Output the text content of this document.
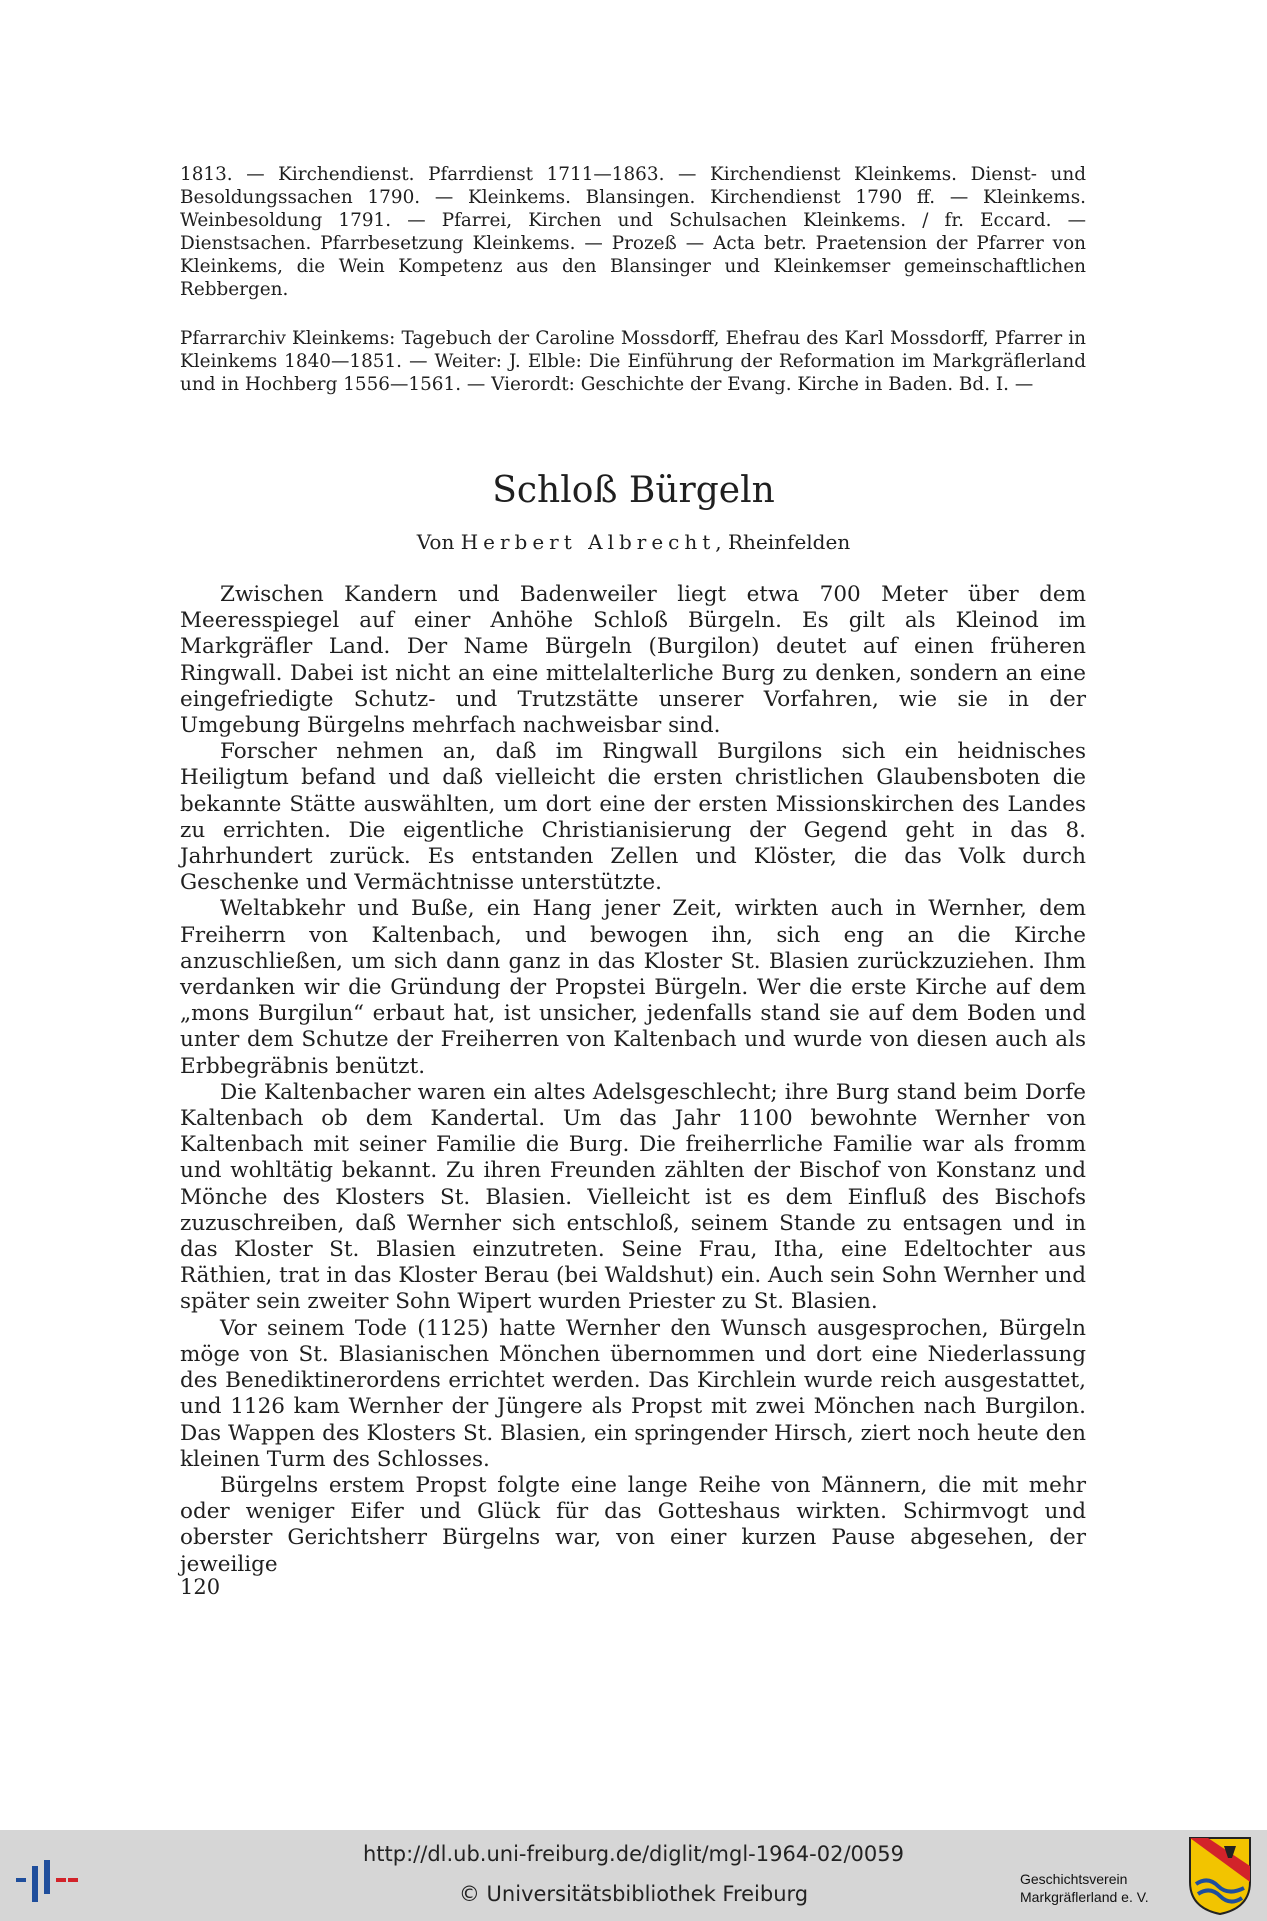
1813. — Kirchendienst. Pfarrdienst 1711—1863. — Kirchendienst Kleinkems. Dienst- und Besoldungssachen 1790. — Kleinkems. Blansingen. Kirchendienst 1790 ff. — Kleinkems. Weinbesoldung 1791. — Pfarrei, Kirchen und Schulsachen Kleinkems. / fr. Eccard. — Dienstsachen. Pfarrbesetzung Kleinkems. — Prozeß — Acta betr. Praetension der Pfarrer von Kleinkems, die Wein Kompetenz aus den Blansinger und Kleinkemser gemeinschaftlichen Rebbergen.

Pfarrarchiv Kleinkems: Tagebuch der Caroline Mossdorff, Ehefrau des Karl Mossdorff, Pfarrer in Kleinkems 1840—1851. — Weiter: J. Elble: Die Einführung der Reformation im Markgräflerland und in Hochberg 1556—1561. — Vierordt: Geschichte der Evang. Kirche in Baden. Bd. I. —

Schloß Bürgeln
Von Herbert Albrecht, Rheinfelden

Zwischen Kandern und Badenweiler liegt etwa 700 Meter über dem Meeresspiegel auf einer Anhöhe Schloß Bürgeln. Es gilt als Kleinod im Markgräfler Land. Der Name Bürgeln (Burgilon) deutet auf einen früheren Ringwall. Dabei ist nicht an eine mittelalterliche Burg zu denken, sondern an eine eingefriedigte Schutz- und Trutzstätte unserer Vorfahren, wie sie in der Umgebung Bürgelns mehrfach nachweisbar sind.

Forscher nehmen an, daß im Ringwall Burgilons sich ein heidnisches Heiligtum befand und daß vielleicht die ersten christlichen Glaubensboten die bekannte Stätte auswählten, um dort eine der ersten Missionskirchen des Landes zu errichten. Die eigentliche Christianisierung der Gegend geht in das 8. Jahrhundert zurück. Es entstanden Zellen und Klöster, die das Volk durch Geschenke und Vermächtnisse unterstützte.

Weltabkehr und Buße, ein Hang jener Zeit, wirkten auch in Wernher, dem Freiherrn von Kaltenbach, und bewogen ihn, sich eng an die Kirche anzuschließen, um sich dann ganz in das Kloster St. Blasien zurückzuziehen. Ihm verdanken wir die Gründung der Propstei Bürgeln. Wer die erste Kirche auf dem „mons Burgilun“ erbaut hat, ist unsicher, jedenfalls stand sie auf dem Boden und unter dem Schutze der Freiherren von Kaltenbach und wurde von diesen auch als Erbbegräbnis benützt.

Die Kaltenbacher waren ein altes Adelsgeschlecht; ihre Burg stand beim Dorfe Kaltenbach ob dem Kandertal. Um das Jahr 1100 bewohnte Wernher von Kaltenbach mit seiner Familie die Burg. Die freiherrliche Familie war als fromm und wohltätig bekannt. Zu ihren Freunden zählten der Bischof von Konstanz und Mönche des Klosters St. Blasien. Vielleicht ist es dem Einfluß des Bischofs zuzuschreiben, daß Wernher sich entschloß, seinem Stande zu entsagen und in das Kloster St. Blasien einzutreten. Seine Frau, Itha, eine Edeltochter aus Räthien, trat in das Kloster Berau (bei Waldshut) ein. Auch sein Sohn Wernher und später sein zweiter Sohn Wipert wurden Priester zu St. Blasien.

Vor seinem Tode (1125) hatte Wernher den Wunsch ausgesprochen, Bürgeln möge von St. Blasianischen Mönchen übernommen und dort eine Niederlassung des Benediktinerordens errichtet werden. Das Kirchlein wurde reich ausgestattet, und 1126 kam Wernher der Jüngere als Propst mit zwei Mönchen nach Burgilon. Das Wappen des Klosters St. Blasien, ein springender Hirsch, ziert noch heute den kleinen Turm des Schlosses.

Bürgelns erstem Propst folgte eine lange Reihe von Männern, die mit mehr oder weniger Eifer und Glück für das Gotteshaus wirkten. Schirmvogt und oberster Gerichtsherr Bürgelns war, von einer kurzen Pause abgesehen, der jeweilige

120
http://dl.ub.uni-freiburg.de/diglit/mgl-1964-02/0059
© Universitätsbibliothek Freiburg
Geschichtsverein
Markgräflerland e. V.
